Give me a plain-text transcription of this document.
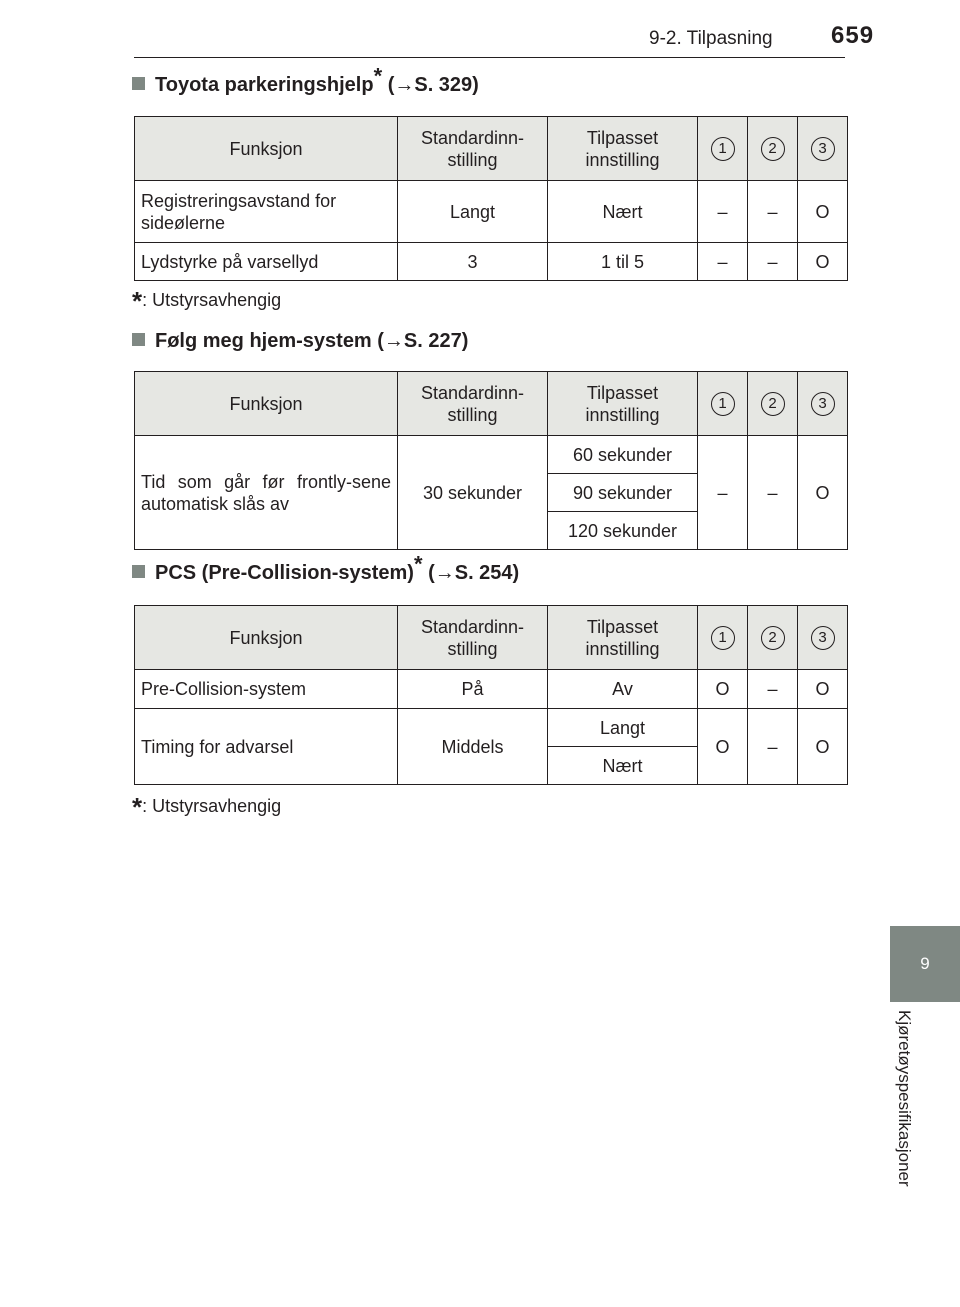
9-2. Tilpasning 659
9
Kjøretøyspesifikasjoner
Toyota parkeringshjelp* (→S. 329)
Funksjon	Standardinn-stilling	Tilpasset innstilling	1	2	3
Registreringsavstand for sideølerne	Langt	Nært	–	–	O
Lydstyrke på varsellyd	3	1 til 5	–	–	O
*: Utstyrsavhengig
Følg meg hjem-system (→S. 227)
Funksjon	Standardinn-stilling	Tilpasset innstilling	1	2	3
Tid som går før frontly-sene automatisk slås av	30 sekunder	60 sekunder	–	–	O
		90 sekunder			
		120 sekunder			
PCS (Pre-Collision-system)* (→S. 254)
Funksjon	Standardinn-stilling	Tilpasset innstilling	1	2	3
Pre-Collision-system	På	Av	O	–	O
Timing for advarsel	Middels	Langt	O	–	O
		Nært			
*: Utstyrsavhengig
